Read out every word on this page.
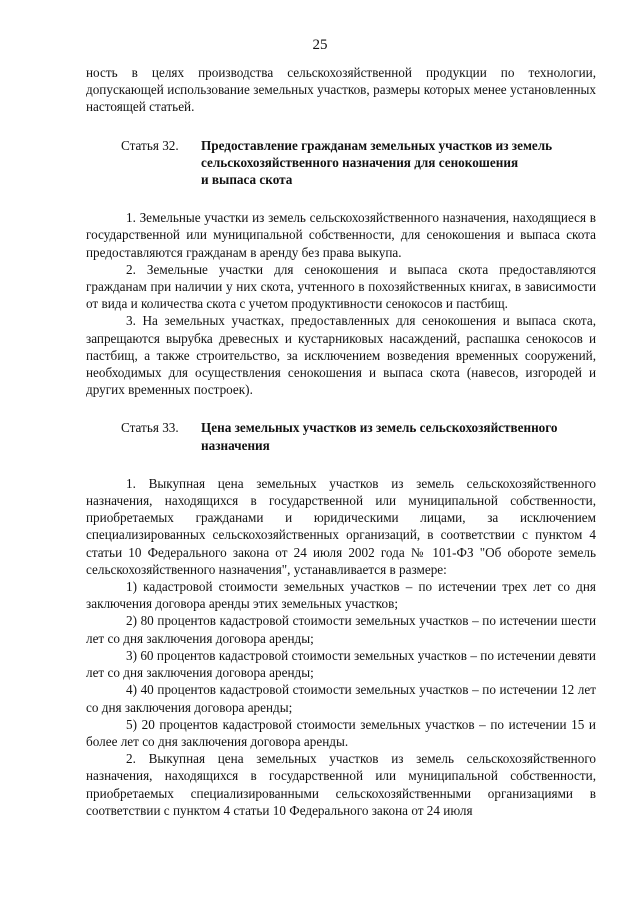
25

ность в целях производства сельскохозяйственной продукции по технологии, допускающей использование земельных участков, размеры которых менее установленных настоящей статьей.

Статья 32.	Предоставление гражданам земельных участков из земель
сельскохозяйственного назначения для сенокошения
и выпаса скота

1. Земельные участки из земель сельскохозяйственного назначения, находящиеся в государственной или муниципальной собственности, для сенокошения и выпаса скота предоставляются гражданам в аренду без права выкупа.

2. Земельные участки для сенокошения и выпаса скота предоставляются гражданам при наличии у них скота, учтенного в похозяйственных книгах, в зависимости от вида и количества скота с учетом продуктивности сенокосов и пастбищ.

3. На земельных участках, предоставленных для сенокошения и выпаса скота, запрещаются вырубка древесных и кустарниковых насаждений, распашка сенокосов и пастбищ, а также строительство, за исключением возведения временных сооружений, необходимых для осуществления сенокошения и выпаса скота (навесов, изгородей и других временных построек).

Статья 33.	Цена земельных участков из земель сельскохозяйственного
назначения

1. Выкупная цена земельных участков из земель сельскохозяйственного назначения, находящихся в государственной или муниципальной собственности, приобретаемых гражданами и юридическими лицами, за исключением специализированных сельскохозяйственных организаций, в соответствии с пунктом 4 статьи 10 Федерального закона от 24 июля 2002 года № 101-ФЗ "Об обороте земель сельскохозяйственного назначения", устанавливается в размере:

1) кадастровой стоимости земельных участков – по истечении трех лет со дня заключения договора аренды этих земельных участков;

2) 80 процентов кадастровой стоимости земельных участков – по истечении шести лет со дня заключения договора аренды;

3) 60 процентов кадастровой стоимости земельных участков – по истечении девяти лет со дня заключения договора аренды;

4) 40 процентов кадастровой стоимости земельных участков – по истечении 12 лет со дня заключения договора аренды;

5) 20 процентов кадастровой стоимости земельных участков – по истечении 15 и более лет со дня заключения договора аренды.

2. Выкупная цена земельных участков из земель сельскохозяйственного назначения, находящихся в государственной или муниципальной собственности, приобретаемых специализированными сельскохозяйственными организациями в соответствии с пунктом 4 статьи 10 Федерального закона от 24 июля
